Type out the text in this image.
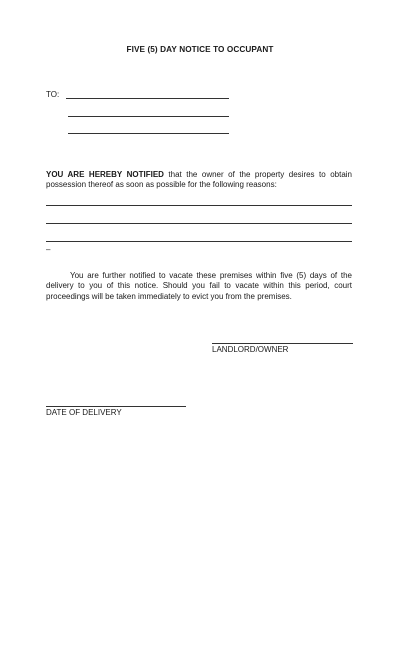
FIVE (5) DAY NOTICE TO OCCUPANT
TO:
YOU ARE HEREBY NOTIFIED that the owner of the property desires to obtain possession thereof as soon as possible for the following reasons:
–
You are further notified to vacate these premises within five (5) days of the delivery to you of this notice. Should you fail to vacate within this period, court proceedings will be taken immediately to evict you from the premises.
LANDLORD/OWNER
DATE OF DELIVERY
